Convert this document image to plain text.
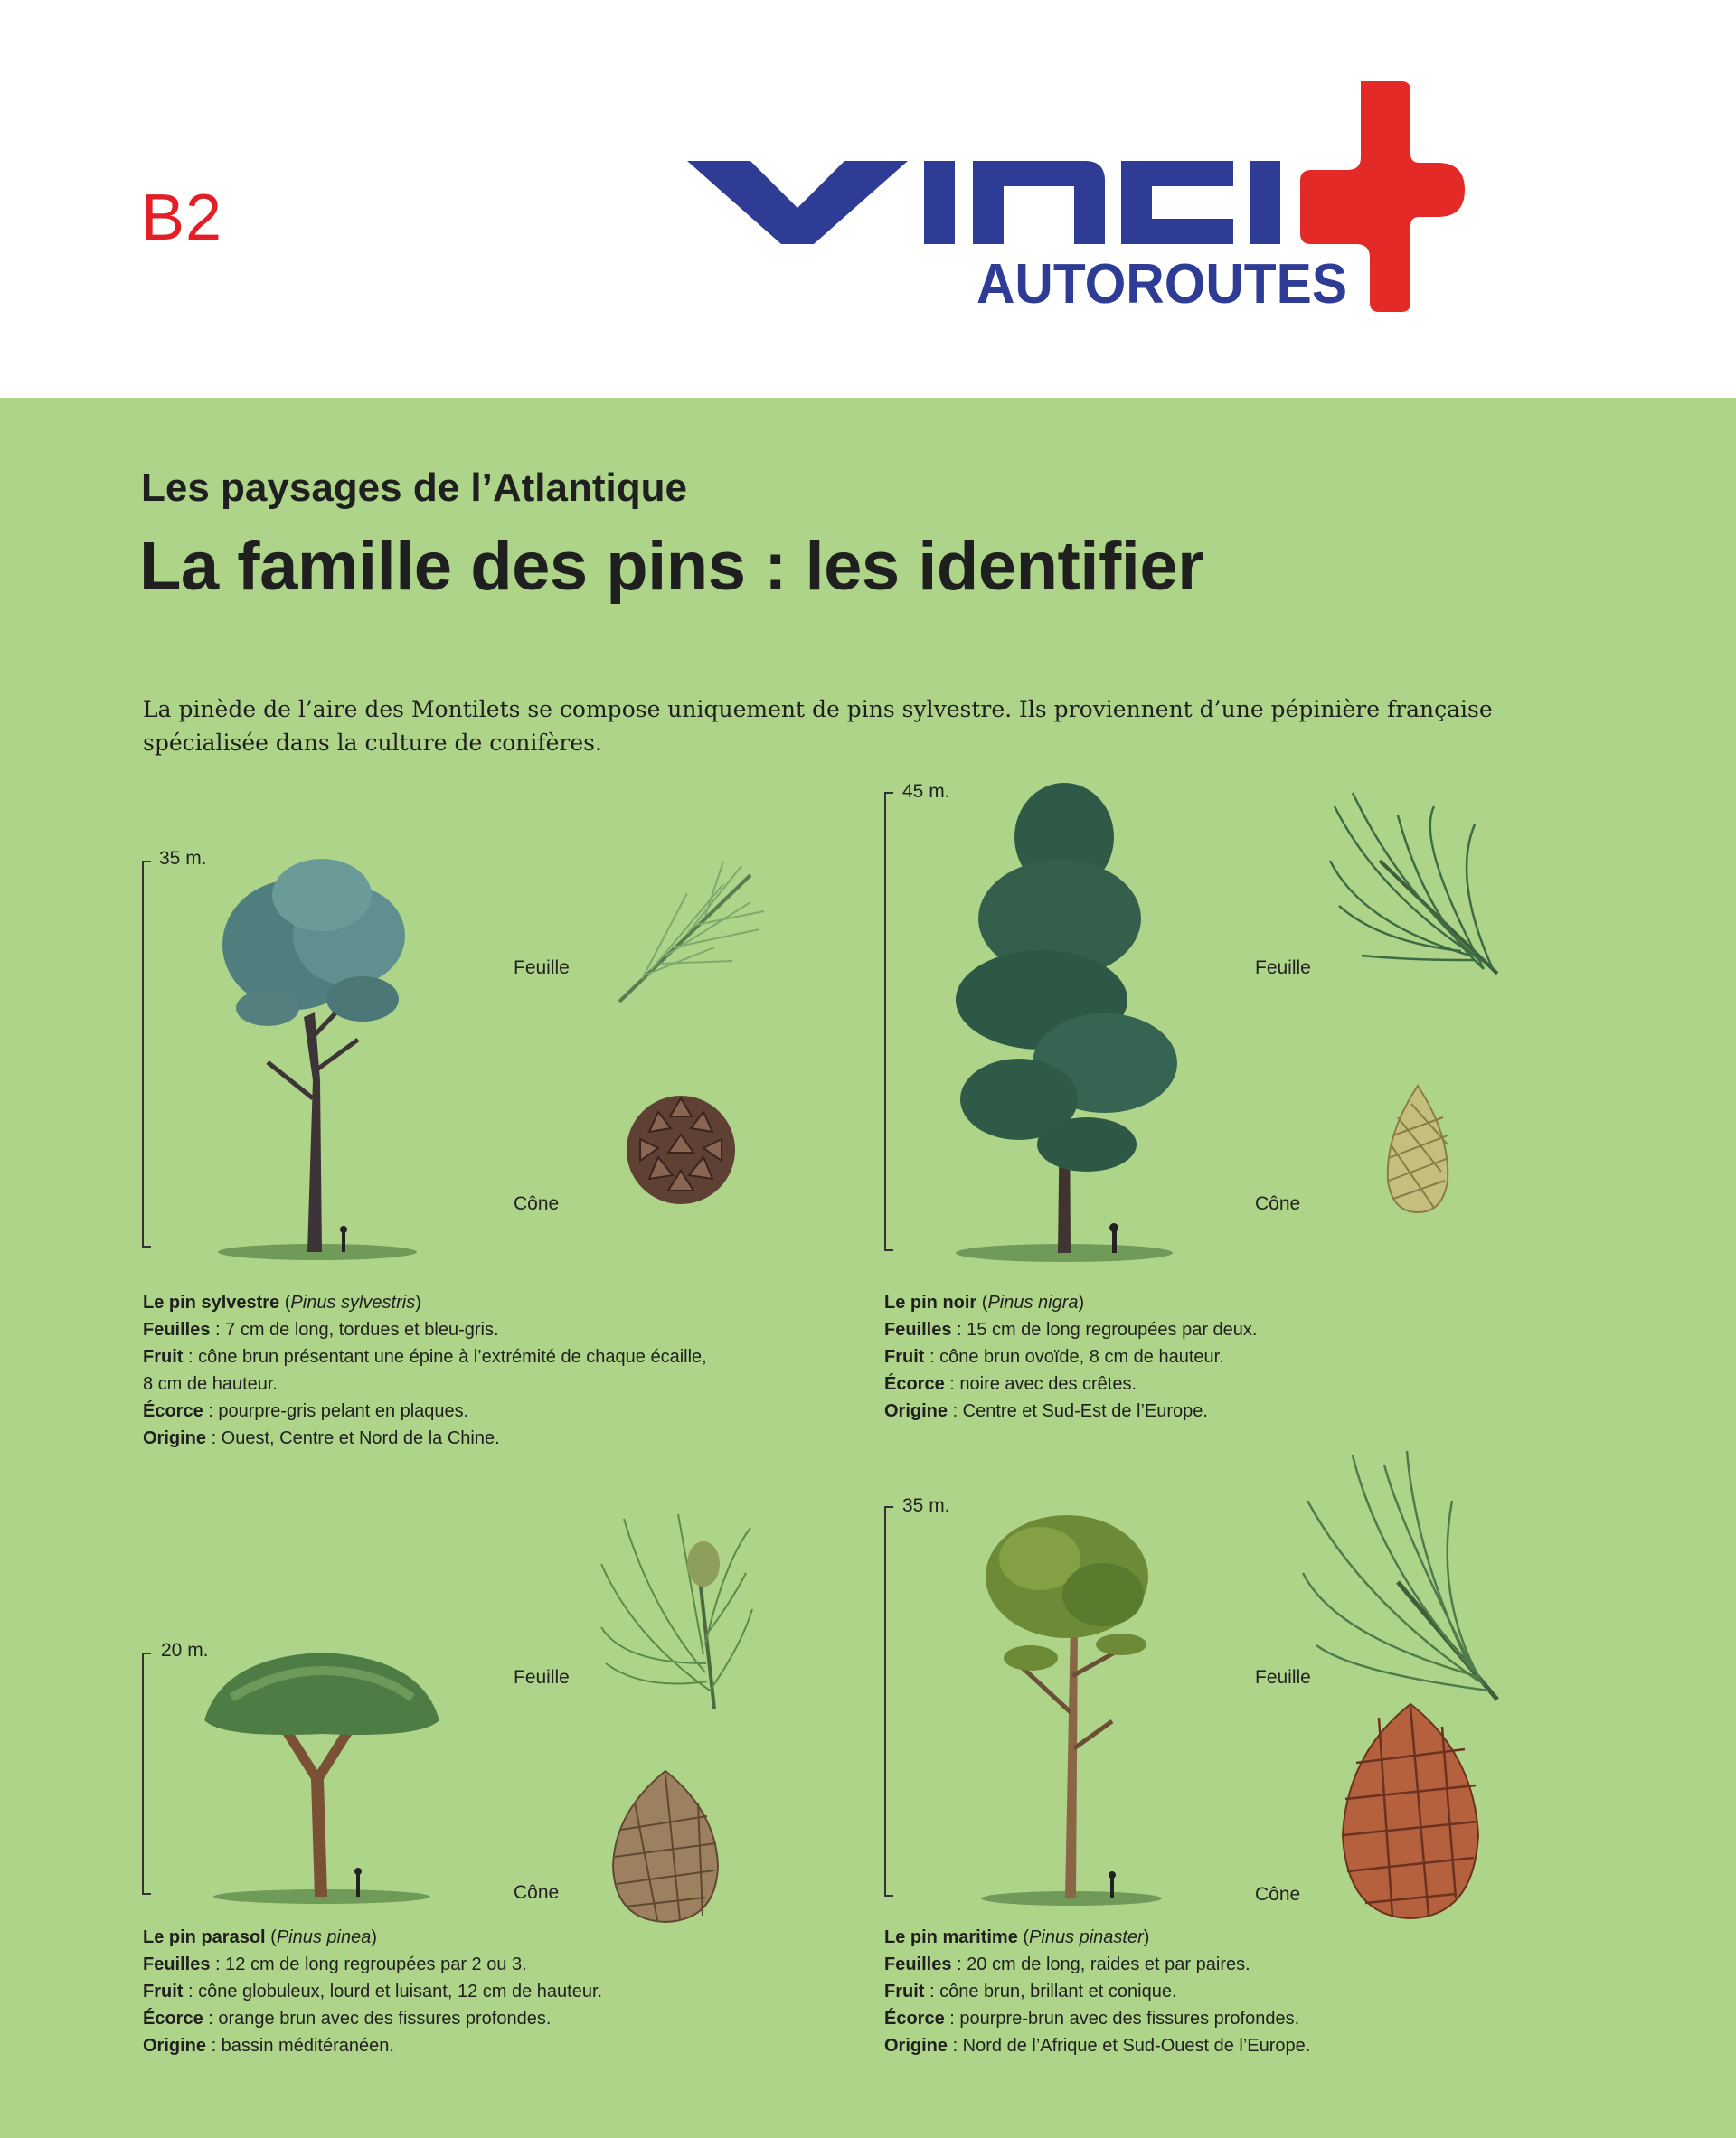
B2
AUTOROUTES
Les paysages de l’Atlantique
La famille des pins : les identifier
La pinède de l’aire des Montilets se compose uniquement de pins sylvestre. Ils proviennent d’une pépinière française spécialisée dans la culture de conifères.
35 m.
Feuille
Cône
Le pin sylvestre (Pinus sylvestris)
Feuilles : 7 cm de long, tordues et bleu-gris.
Fruit : cône brun présentant une épine à l’extrémité de chaque écaille,
8 cm de hauteur.
Écorce : pourpre-gris pelant en plaques.
Origine : Ouest, Centre et Nord de la Chine.
45 m.
Feuille
Cône
Le pin noir (Pinus nigra)
Feuilles : 15 cm de long regroupées par deux.
Fruit : cône brun ovoïde, 8 cm de hauteur.
Écorce : noire avec des crêtes.
Origine : Centre et Sud-Est de l’Europe.
20 m.
Feuille
Cône
Le pin parasol (Pinus pinea)
Feuilles : 12 cm de long regroupées par 2 ou 3.
Fruit : cône globuleux, lourd et luisant, 12 cm de hauteur.
Écorce : orange brun avec des fissures profondes.
Origine : bassin méditéranéen.
35 m.
Feuille
Cône
Le pin maritime (Pinus pinaster)
Feuilles : 20 cm de long, raides et par paires.
Fruit : cône brun, brillant et conique.
Écorce : pourpre-brun avec des fissures profondes.
Origine : Nord de l’Afrique et Sud-Ouest de l’Europe.
